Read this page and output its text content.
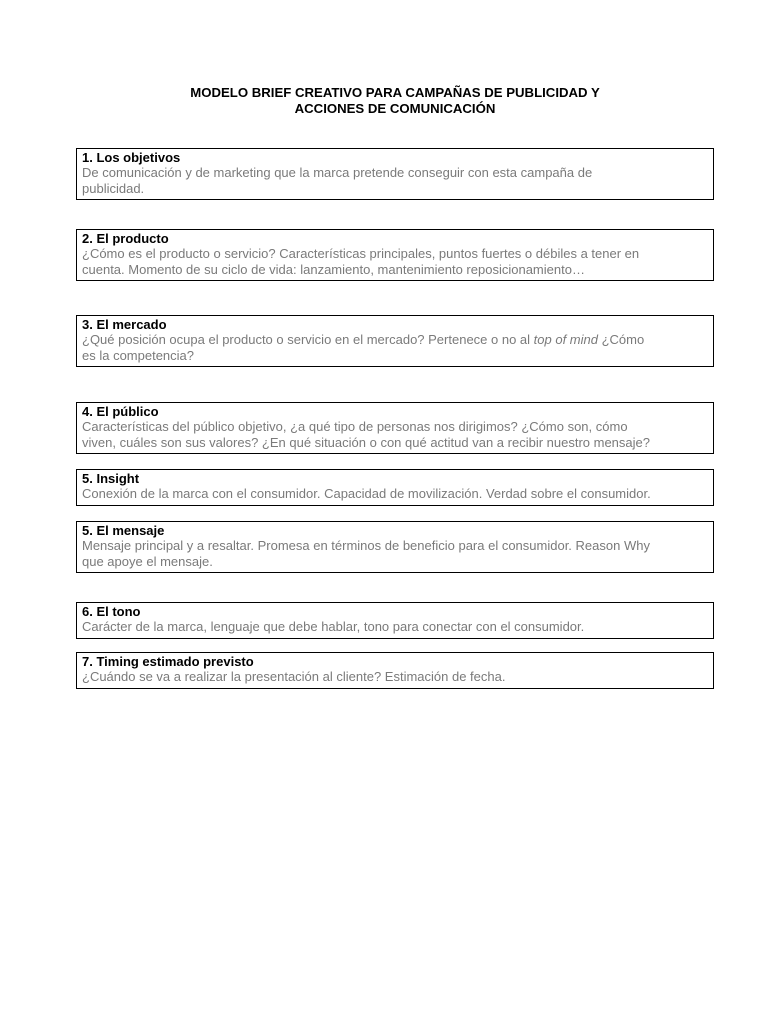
MODELO BRIEF CREATIVO PARA CAMPAÑAS DE PUBLICIDAD Y
ACCIONES DE COMUNICACIÓN
1. Los objetivos
De comunicación y de marketing que la marca pretende conseguir con esta campaña de
publicidad.
2. El producto
¿Cómo es el producto o servicio? Características principales, puntos fuertes o débiles a tener en
cuenta. Momento de su ciclo de vida: lanzamiento, mantenimiento reposicionamiento…
3. El mercado
¿Qué posición ocupa el producto o servicio en el mercado? Pertenece o no al top of mind ¿Cómo
es la competencia?
4. El público
Características del público objetivo, ¿a qué tipo de personas nos dirigimos? ¿Cómo son, cómo
viven, cuáles son sus valores? ¿En qué situación o con qué actitud van a recibir nuestro mensaje?
5. Insight
Conexión de la marca con el consumidor. Capacidad de movilización. Verdad sobre el consumidor.
5. El mensaje
Mensaje principal y a resaltar. Promesa en términos de beneficio para el consumidor. Reason Why
que apoye el mensaje.
6. El tono
Carácter de la marca, lenguaje que debe hablar, tono para conectar con el consumidor.
7. Timing estimado previsto
¿Cuándo se va a realizar la presentación al cliente? Estimación de fecha.
